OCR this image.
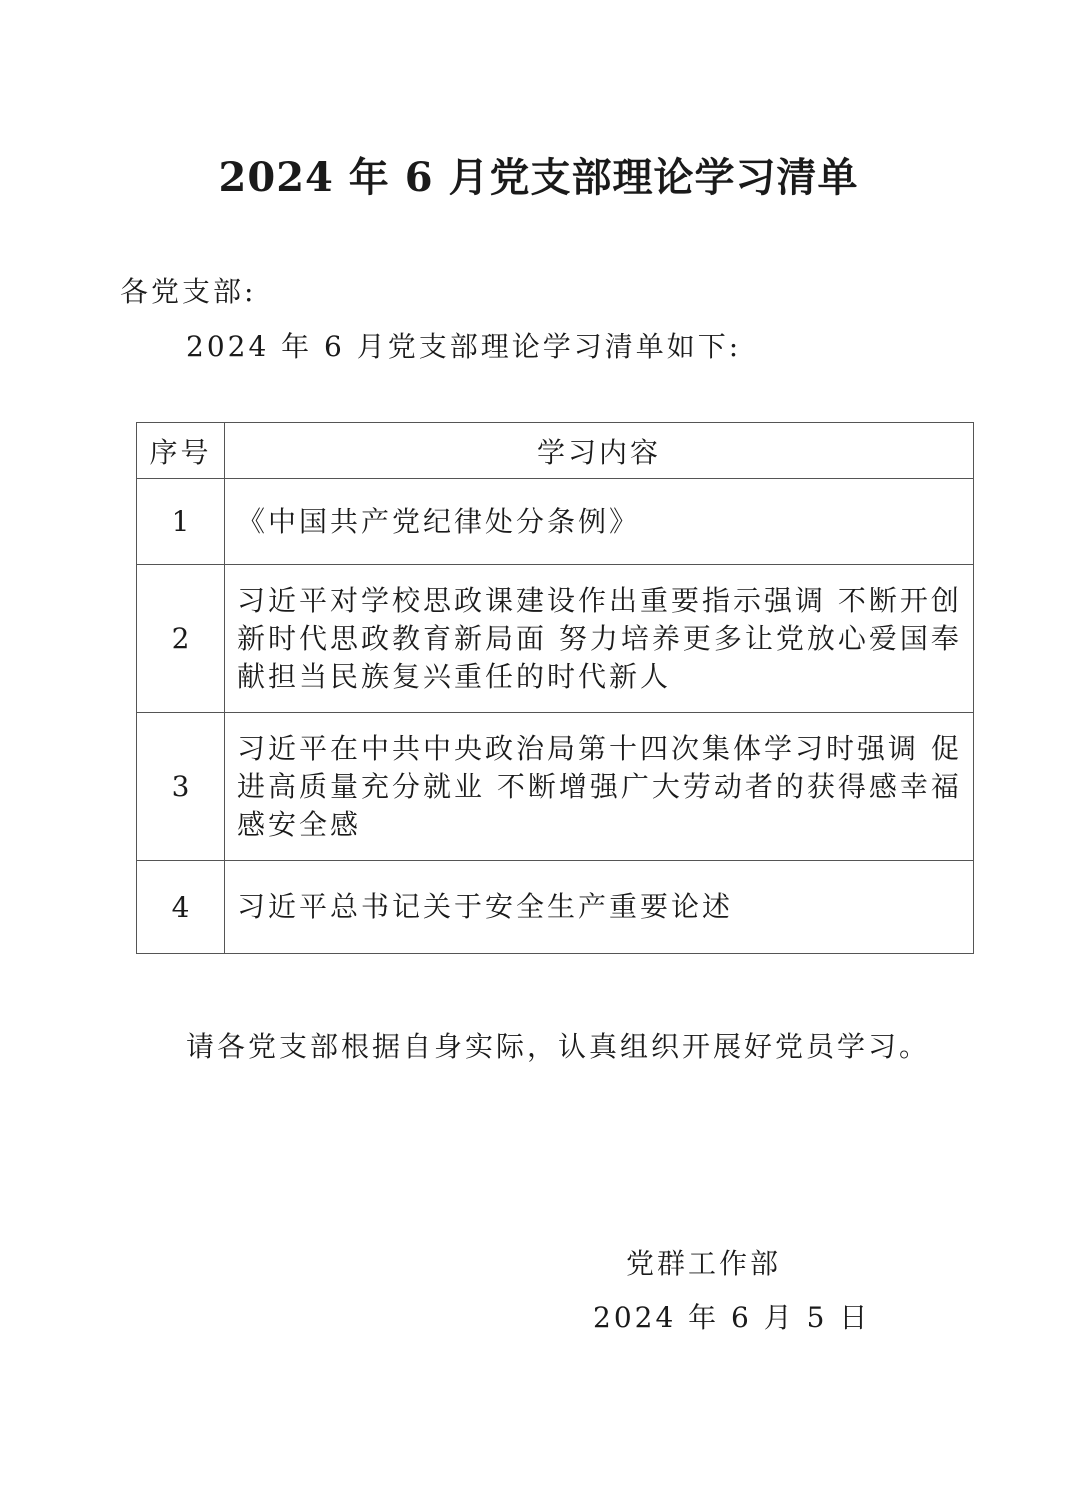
2024 年 6 月党支部理论学习清单
各党支部:
2024 年 6 月党支部理论学习清单如下:
序号	学习内容
1	《中国共产党纪律处分条例》
2	习近平对学校思政课建设作出重要指示强调 不断开创新时代思政教育新局面 努力培养更多让党放心爱国奉献担当民族复兴重任的时代新人
3	习近平在中共中央政治局第十四次集体学习时强调 促进高质量充分就业 不断增强广大劳动者的获得感幸福感安全感
4	习近平总书记关于安全生产重要论述
请各党支部根据自身实际，认真组织开展好党员学习。
党群工作部
2024 年 6 月 5 日
